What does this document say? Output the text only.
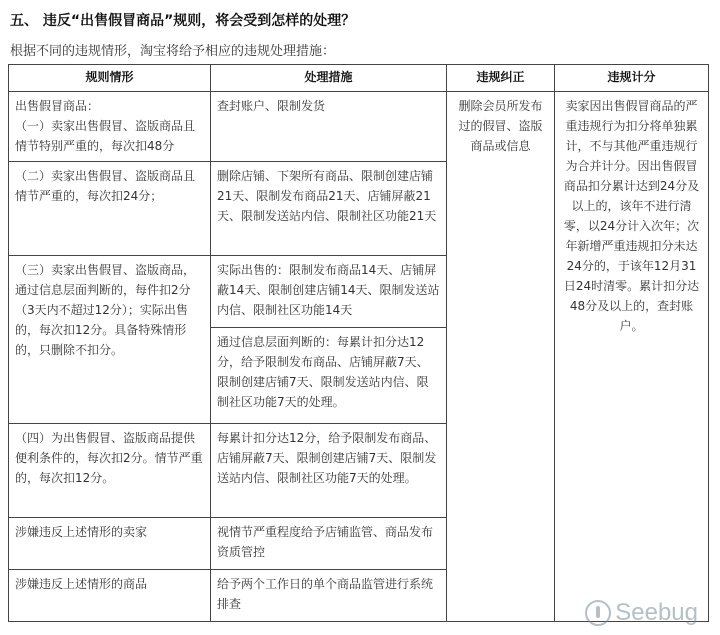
五、 违反“出售假冒商品”规则，将会受到怎样的处理？
根据不同的违规情形，淘宝将给予相应的违规处理措施：
规则情形	处理措施	违规纠正	违规计分
出售假冒商品：
（一）卖家出售假冒、盗版商品且情节特别严重的，每次扣48分	查封账户、限制发货	删除会员所发布过的假冒、盗版商品或信息	卖家因出售假冒商品的严重违规行为扣分将单独累计，不与其他严重违规行为合并计分。因出售假冒商品扣分累计达到24分及以上的，该年不进行清零，以24分计入次年；次年新增严重违规扣分未达24分的，于该年12月31日24时清零。累计扣分达48分及以上的，查封账户。
（二）卖家出售假冒、盗版商品且情节严重的，每次扣24分；	删除店铺、下架所有商品、限制创建店铺21天、限制发布商品21天、店铺屏蔽21天、限制发送站内信、限制社区功能21天		
（三）卖家出售假冒、盗版商品，通过信息层面判断的，每件扣2分（3天内不超过12分）；实际出售的，每次扣12分。具备特殊情形的，只删除不扣分。	实际出售的：限制发布商品14天、店铺屏蔽14天、限制创建店铺14天、限制发送站内信、限制社区功能14天		
	通过信息层面判断的：每累计扣分达12分，给予限制发布商品、店铺屏蔽7天、限制创建店铺7天、限制发送站内信、限制社区功能7天的处理。		
（四）为出售假冒、盗版商品提供便利条件的，每次扣2分。情节严重的，每次扣12分。	每累计扣分达12分，给予限制发布商品、店铺屏蔽7天、限制创建店铺7天、限制发送站内信、限制社区功能7天的处理。		
涉嫌违反上述情形的卖家	视情节严重程度给予店铺监管、商品发布资质管控		
涉嫌违反上述情形的商品	给予两个工作日的单个商品监管进行系统排查			Seebug
